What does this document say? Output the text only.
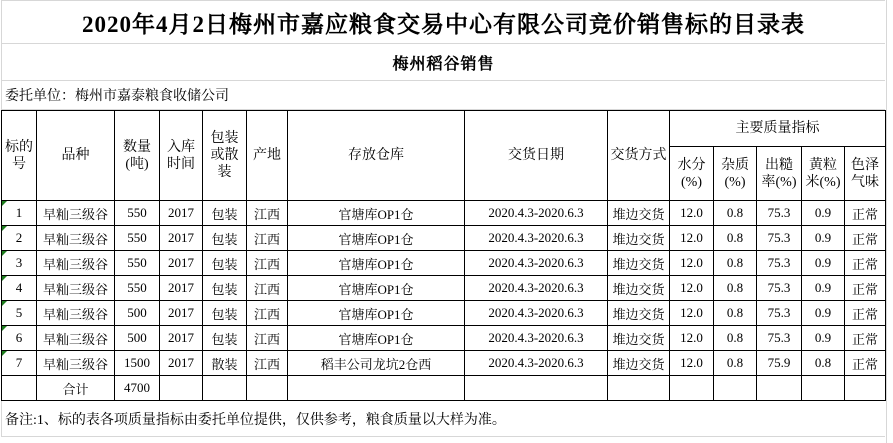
2020年4月2日梅州市嘉应粮食交易中心有限公司竞价销售标的目录表
梅州稻谷销售
委托单位：梅州市嘉泰粮食收储公司
标的号	品种	数量(吨)	入库时间	包装或散装	产地	存放仓库	交货日期	交货方式	主要质量指标				
									水分(%)	杂质(%)	出糙率(%)	黄粒米(%)	色泽气味

1	早籼三级谷	550	2017	包装	江西	官塘库OP1仓	2020.4.3-2020.6.3	堆边交货	12.0	0.8	75.3	0.9	正常

2	早籼三级谷	550	2017	包装	江西	官塘库OP1仓	2020.4.3-2020.6.3	堆边交货	12.0	0.8	75.3	0.9	正常

3	早籼三级谷	550	2017	包装	江西	官塘库OP1仓	2020.4.3-2020.6.3	堆边交货	12.0	0.8	75.3	0.9	正常

4	早籼三级谷	550	2017	包装	江西	官塘库OP1仓	2020.4.3-2020.6.3	堆边交货	12.0	0.8	75.3	0.9	正常

5	早籼三级谷	500	2017	包装	江西	官塘库OP1仓	2020.4.3-2020.6.3	堆边交货	12.0	0.8	75.3	0.9	正常

6	早籼三级谷	500	2017	包装	江西	官塘库OP1仓	2020.4.3-2020.6.3	堆边交货	12.0	0.8	75.3	0.9	正常

7	早籼三级谷	1500	2017	散装	江西	稻丰公司龙坑2仓西	2020.4.3-2020.6.3	堆边交货	12.0	0.8	75.9	0.8	正常
	合计	4700											
备注:1、标的表各项质量指标由委托单位提供，仅供参考，粮食质量以大样为准。
